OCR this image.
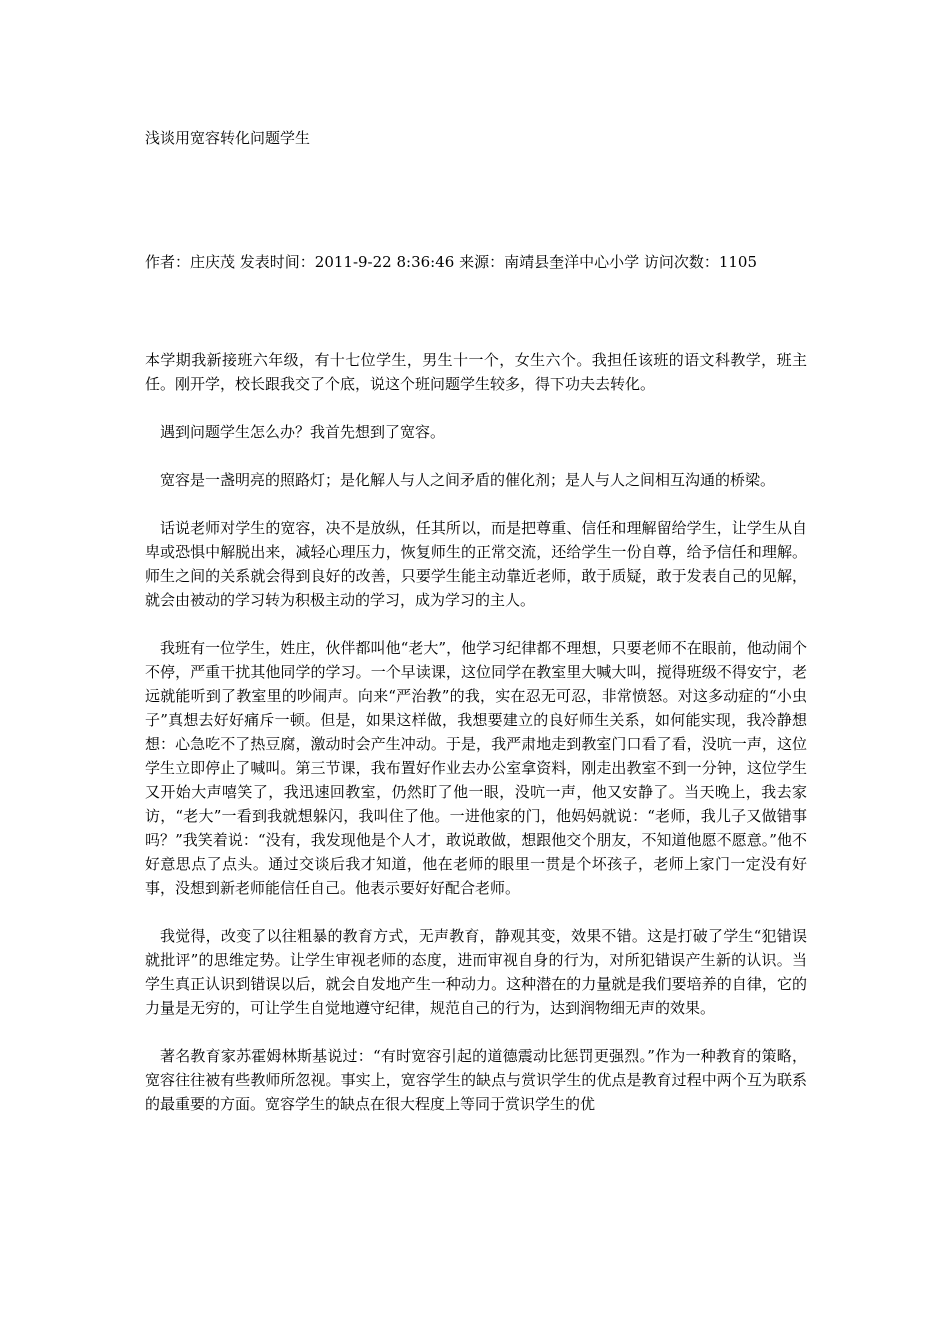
浅谈用宽容转化问题学生
作者：庄庆茂 发表时间：2011-9-22 8:36:46 来源：南靖县奎洋中心小学 访问次数：1105

本学期我新接班六年级，有十七位学生，男生十一个，女生六个。我担任该班的语文科教学，班主任。刚开学，校长跟我交了个底，说这个班问题学生较多，得下功夫去转化。

遇到问题学生怎么办？我首先想到了宽容。

宽容是一盏明亮的照路灯；是化解人与人之间矛盾的催化剂；是人与人之间相互沟通的桥梁。

话说老师对学生的宽容，决不是放纵，任其所以，而是把尊重、信任和理解留给学生，让学生从自卑或恐惧中解脱出来，减轻心理压力，恢复师生的正常交流，还给学生一份自尊，给予信任和理解。师生之间的关系就会得到良好的改善，只要学生能主动靠近老师，敢于质疑，敢于发表自己的见解，就会由被动的学习转为积极主动的学习，成为学习的主人。

我班有一位学生，姓庄，伙伴都叫他“老大”，他学习纪律都不理想，只要老师不在眼前，他动闹个不停，严重干扰其他同学的学习。一个早读课，这位同学在教室里大喊大叫，搅得班级不得安宁，老远就能听到了教室里的吵闹声。向来“严治教”的我，实在忍无可忍，非常愤怒。对这多动症的“小虫子”真想去好好痛斥一顿。但是，如果这样做，我想要建立的良好师生关系，如何能实现，我冷静想想：心急吃不了热豆腐，激动时会产生冲动。于是，我严肃地走到教室门口看了看，没吭一声，这位学生立即停止了喊叫。第三节课，我布置好作业去办公室拿资料，刚走出教室不到一分钟，这位学生又开始大声嘻笑了，我迅速回教室，仍然盯了他一眼，没吭一声，他又安静了。当天晚上，我去家访，“老大”一看到我就想躲闪，我叫住了他。一进他家的门，他妈妈就说：“老师，我儿子又做错事吗？”我笑着说：“没有，我发现他是个人才，敢说敢做，想跟他交个朋友，不知道他愿不愿意。”他不好意思点了点头。通过交谈后我才知道，他在老师的眼里一贯是个坏孩子，老师上家门一定没有好事，没想到新老师能信任自己。他表示要好好配合老师。

我觉得，改变了以往粗暴的教育方式，无声教育，静观其变，效果不错。这是打破了学生“犯错误就批评”的思维定势。让学生审视老师的态度，进而审视自身的行为，对所犯错误产生新的认识。当学生真正认识到错误以后，就会自发地产生一种动力。这种潜在的力量就是我们要培养的自律，它的力量是无穷的，可让学生自觉地遵守纪律，规范自己的行为，达到润物细无声的效果。

著名教育家苏霍姆林斯基说过：“有时宽容引起的道德震动比惩罚更强烈。”作为一种教育的策略，宽容往往被有些教师所忽视。事实上，宽容学生的缺点与赏识学生的优点是教育过程中两个互为联系的最重要的方面。宽容学生的缺点在很大程度上等同于赏识学生的优
